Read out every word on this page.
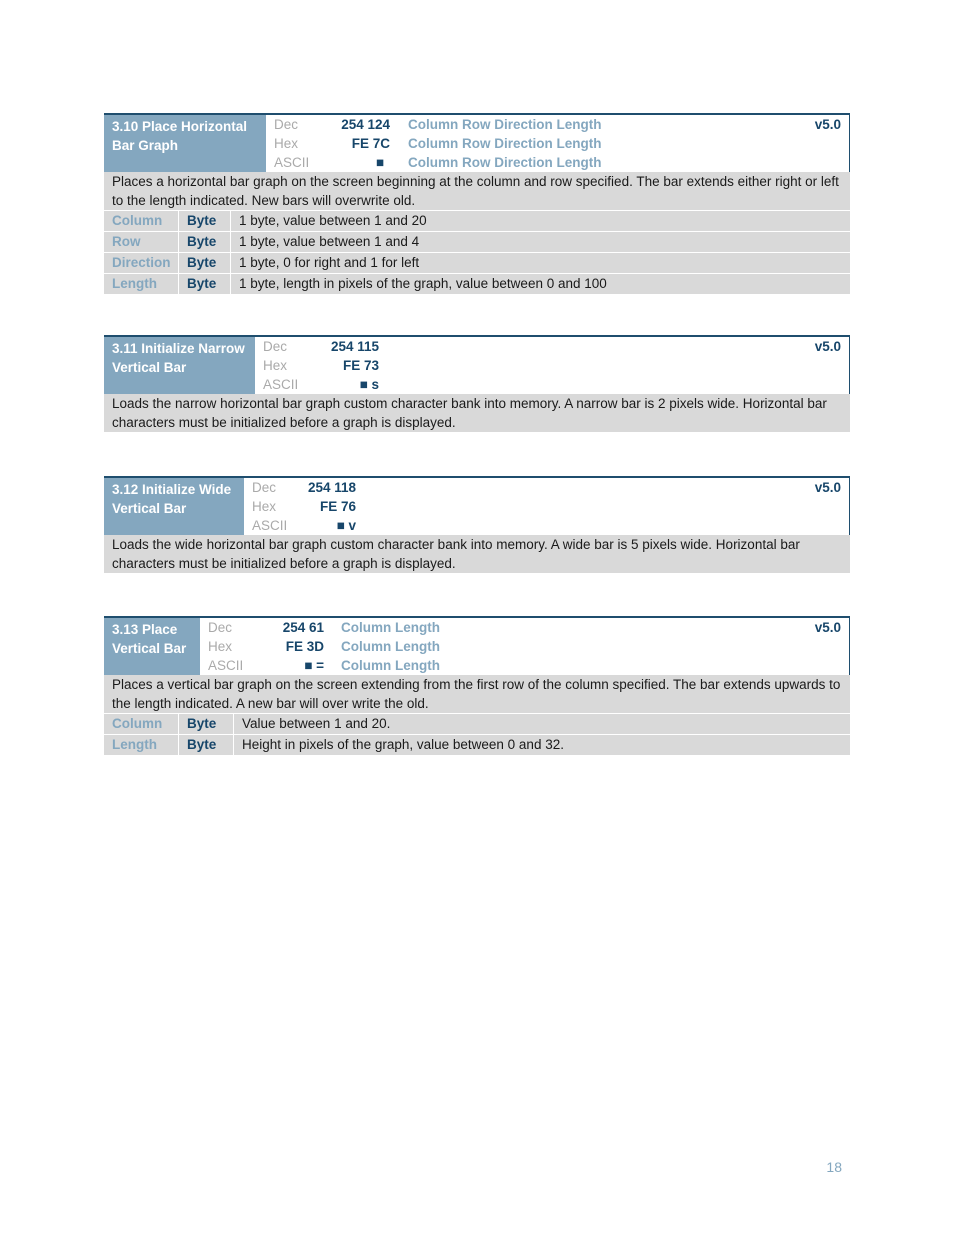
3.10 Place Horizontal Bar Graph
Dec	254 124 Column Row Direction Length
Hex	FE 7C Column Row Direction Length
ASCII	■ Column Row Direction Length
v5.0
Places a horizontal bar graph on the screen beginning at the column and row specified. The bar extends either right or left to the length indicated. New bars will overwrite old.
Column	Byte	1 byte, value between 1 and 20
Row	Byte	1 byte, value between 1 and 4
Direction	Byte	1 byte, 0 for right and 1 for left
Length	Byte	1 byte, length in pixels of the graph, value between 0 and 100
3.11 Initialize Narrow Vertical Bar
Dec	254 115
Hex	FE 73
ASCII	■ s
v5.0
Loads the narrow horizontal bar graph custom character bank into memory. A narrow bar is 2 pixels wide. Horizontal bar characters must be initialized before a graph is displayed.
3.12 Initialize Wide Vertical Bar
Dec	254 118
Hex	FE 76
ASCII	■ v
v5.0
Loads the wide horizontal bar graph custom character bank into memory. A wide bar is 5 pixels wide. Horizontal bar characters must be initialized before a graph is displayed.
3.13 Place Vertical Bar
Dec	254 61 Column Length
Hex	FE 3D Column Length
ASCII	■ = Column Length
v5.0
Places a vertical bar graph on the screen extending from the first row of the column specified. The bar extends upwards to the length indicated. A new bar will over write the old.
Column	Byte	Value between 1 and 20.
Length	Byte	Height in pixels of the graph, value between 0 and 32.
18
